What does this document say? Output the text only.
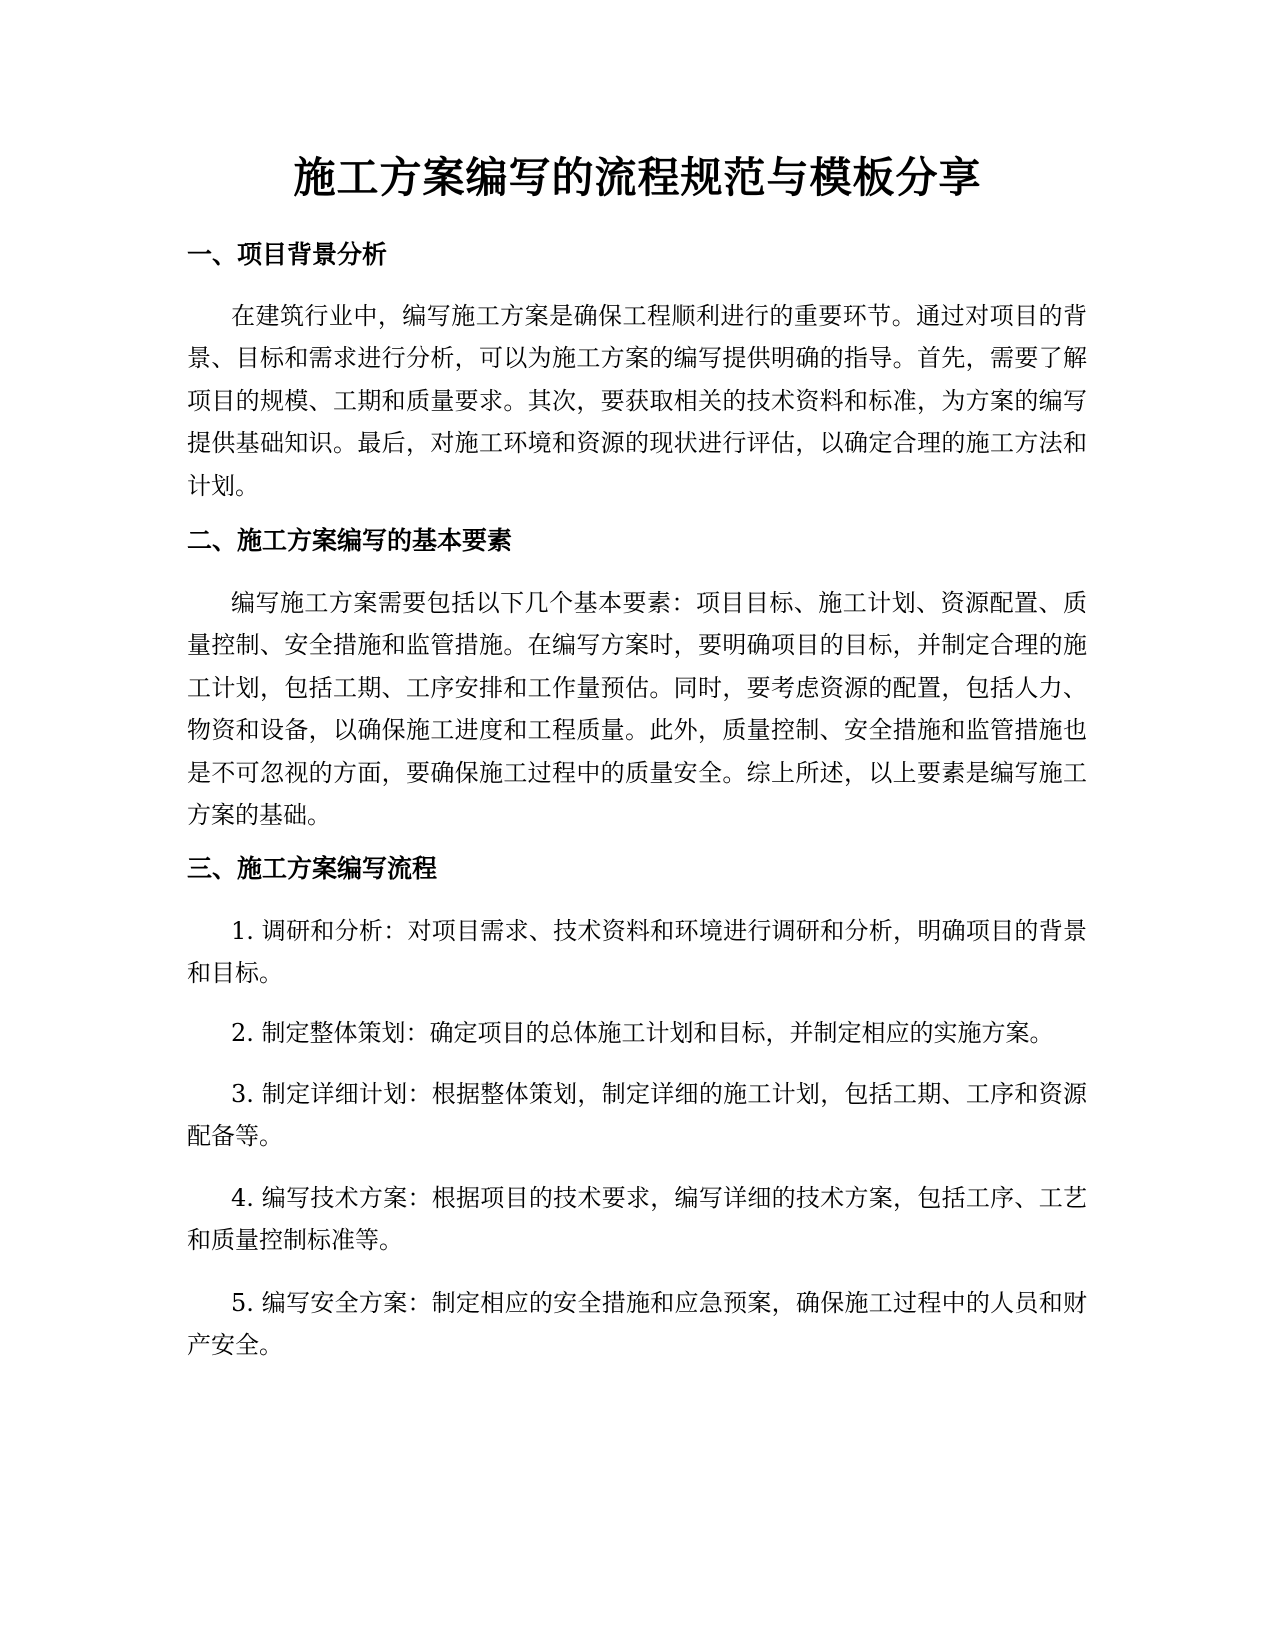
施工方案编写的流程规范与模板分享
一、项目背景分析

在建筑行业中，编写施工方案是确保工程顺利进行的重要环节。通过对项目的背景、目标和需求进行分析，可以为施工方案的编写提供明确的指导。首先，需要了解项目的规模、工期和质量要求。其次，要获取相关的技术资料和标准，为方案的编写提供基础知识。最后，对施工环境和资源的现状进行评估，以确定合理的施工方法和计划。

二、施工方案编写的基本要素

编写施工方案需要包括以下几个基本要素：项目目标、施工计划、资源配置、质量控制、安全措施和监管措施。在编写方案时，要明确项目的目标，并制定合理的施工计划，包括工期、工序安排和工作量预估。同时，要考虑资源的配置，包括人力、物资和设备，以确保施工进度和工程质量。此外，质量控制、安全措施和监管措施也是不可忽视的方面，要确保施工过程中的质量安全。综上所述，以上要素是编写施工方案的基础。

三、施工方案编写流程

1. 调研和分析：对项目需求、技术资料和环境进行调研和分析，明确项目的背景和目标。

2. 制定整体策划：确定项目的总体施工计划和目标，并制定相应的实施方案。

3. 制定详细计划：根据整体策划，制定详细的施工计划，包括工期、工序和资源配备等。

4. 编写技术方案：根据项目的技术要求，编写详细的技术方案，包括工序、工艺和质量控制标准等。

5. 编写安全方案：制定相应的安全措施和应急预案，确保施工过程中的人员和财产安全。
